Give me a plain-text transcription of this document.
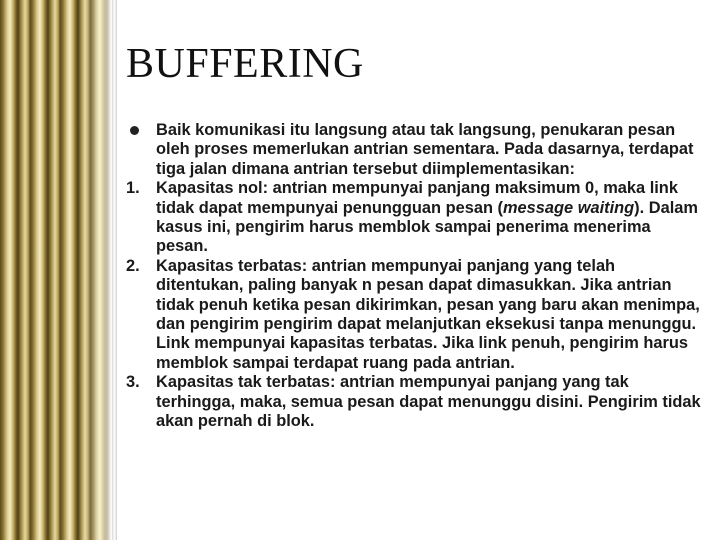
BUFFERING
Baik komunikasi itu langsung atau tak langsung, penukaran pesan oleh proses memerlukan antrian sementara. Pada dasarnya, terdapat tiga jalan dimana antrian tersebut diimplementasikan:
1. Kapasitas nol: antrian mempunyai panjang maksimum 0, maka link tidak dapat mempunyai penungguan pesan (message waiting). Dalam kasus ini, pengirim harus memblok sampai penerima menerima pesan.
2. Kapasitas terbatas: antrian mempunyai panjang yang telah ditentukan, paling banyak n pesan dapat dimasukkan. Jika antrian tidak penuh ketika pesan dikirimkan, pesan yang baru akan menimpa, dan pengirim pengirim dapat melanjutkan eksekusi tanpa menunggu. Link mempunyai kapasitas terbatas. Jika link penuh, pengirim harus memblok sampai terdapat ruang pada antrian.
3. Kapasitas tak terbatas: antrian mempunyai panjang yang tak terhingga, maka, semua pesan dapat menunggu disini. Pengirim tidak akan pernah di blok.
